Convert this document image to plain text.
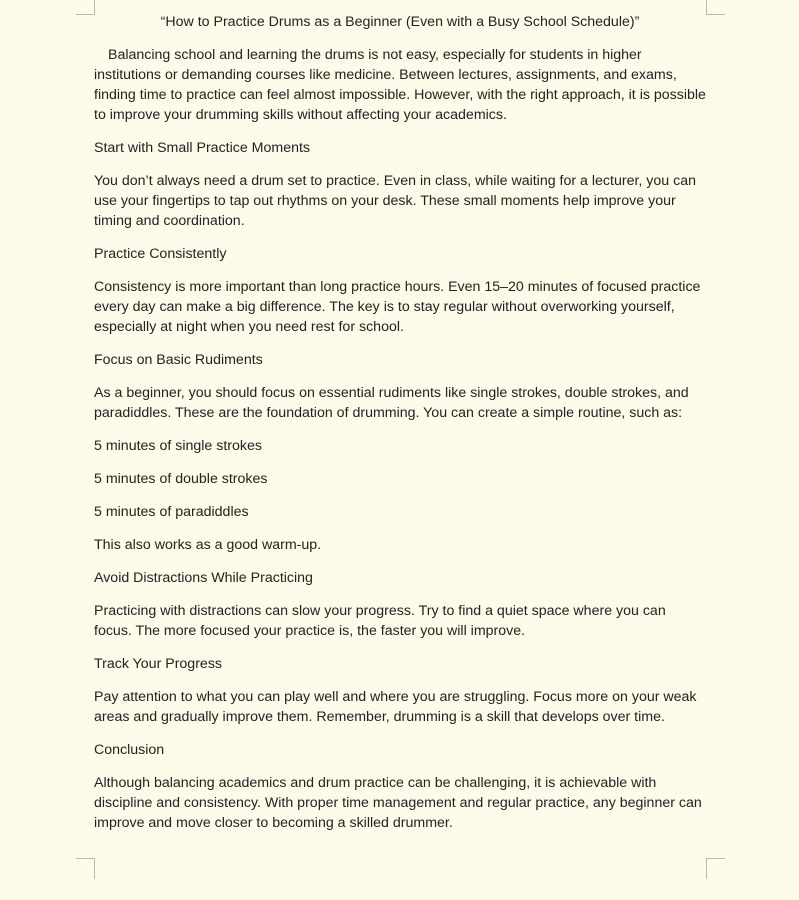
“How to Practice Drums as a Beginner (Even with a Busy School Schedule)”

Balancing school and learning the drums is not easy, especially for students in higher institutions or demanding courses like medicine. Between lectures, assignments, and exams, finding time to practice can feel almost impossible. However, with the right approach, it is possible to improve your drumming skills without affecting your academics.

Start with Small Practice Moments

You don’t always need a drum set to practice. Even in class, while waiting for a lecturer, you can use your fingertips to tap out rhythms on your desk. These small moments help improve your timing and coordination.

Practice Consistently

Consistency is more important than long practice hours. Even 15–20 minutes of focused practice every day can make a big difference. The key is to stay regular without overworking yourself, especially at night when you need rest for school.

Focus on Basic Rudiments

As a beginner, you should focus on essential rudiments like single strokes, double strokes, and paradiddles. These are the foundation of drumming. You can create a simple routine, such as:

5 minutes of single strokes

5 minutes of double strokes

5 minutes of paradiddles

This also works as a good warm-up.

Avoid Distractions While Practicing

Practicing with distractions can slow your progress. Try to find a quiet space where you can focus. The more focused your practice is, the faster you will improve.

Track Your Progress

Pay attention to what you can play well and where you are struggling. Focus more on your weak areas and gradually improve them. Remember, drumming is a skill that develops over time.

Conclusion

Although balancing academics and drum practice can be challenging, it is achievable with discipline and consistency. With proper time management and regular practice, any beginner can improve and move closer to becoming a skilled drummer.
